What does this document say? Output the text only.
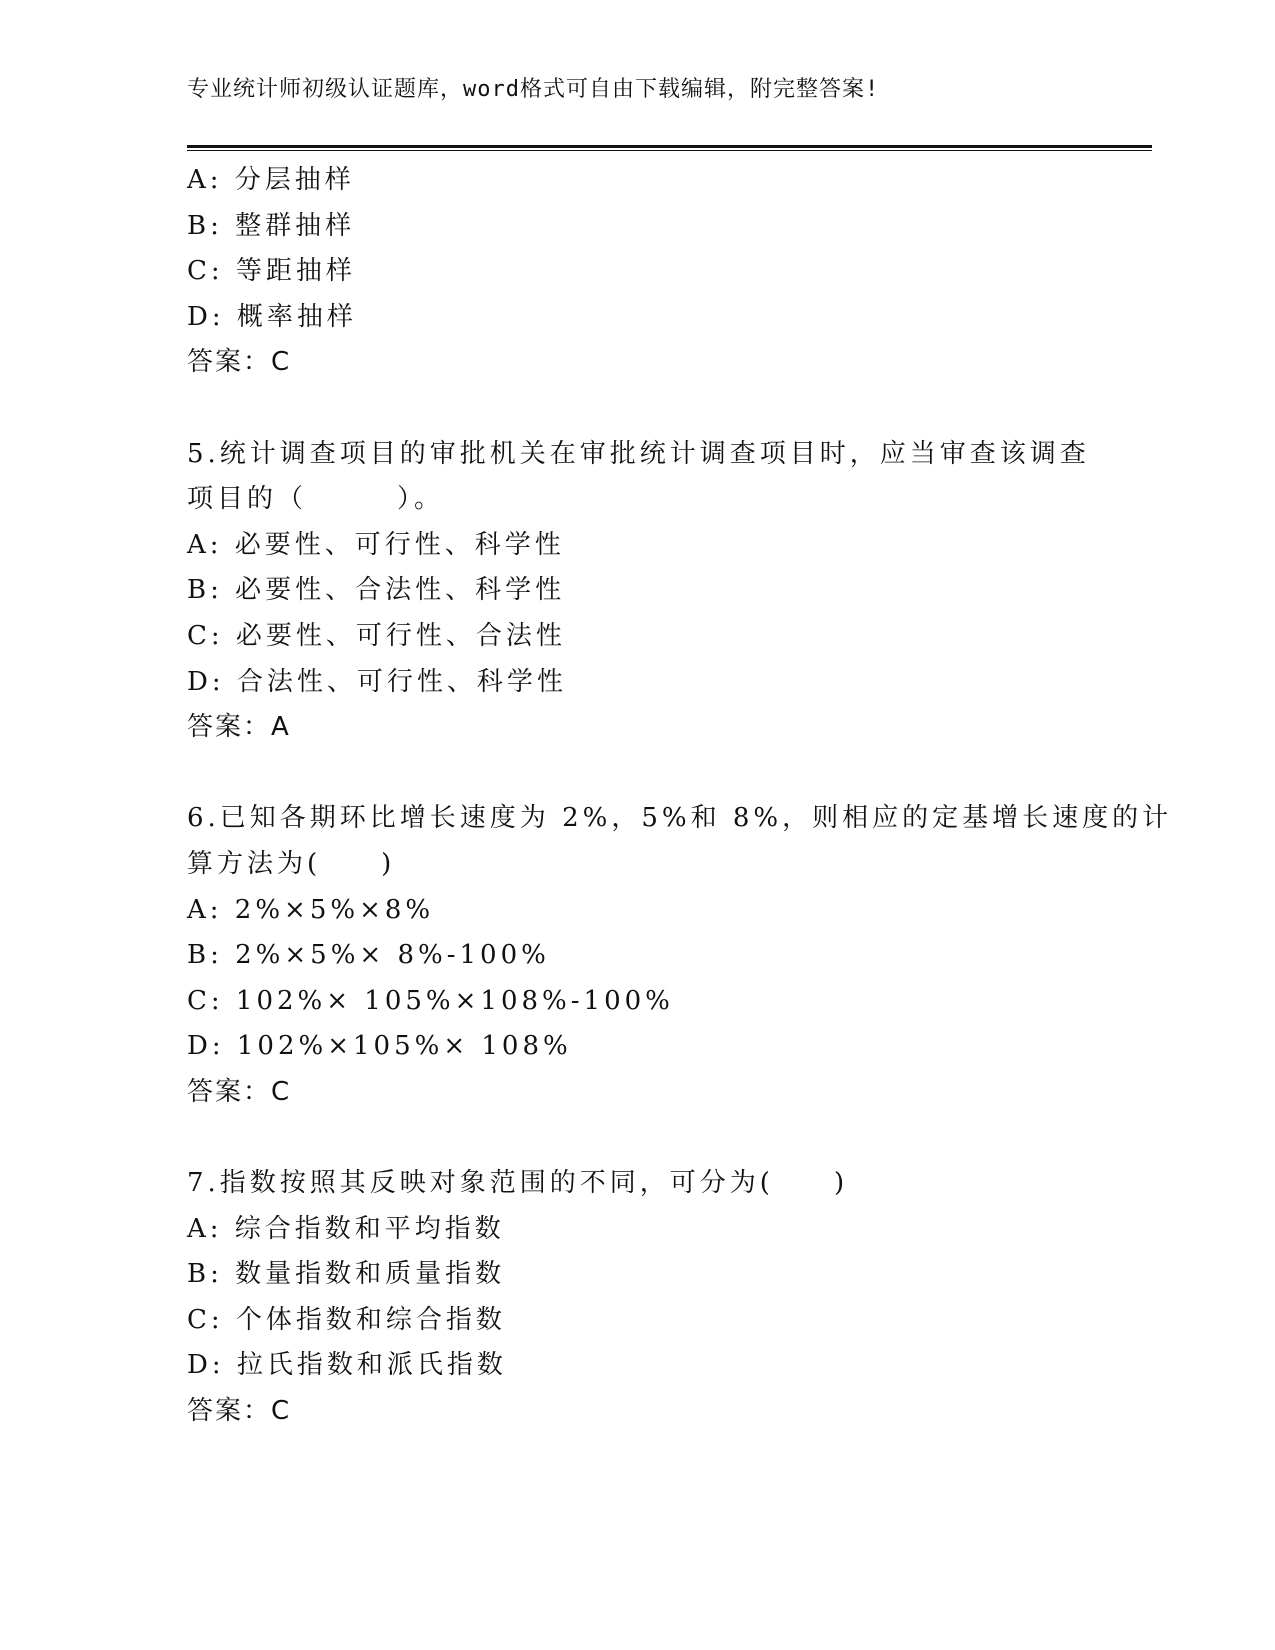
专业统计师初级认证题库，word格式可自由下载编辑，附完整答案!
A: 分层抽样
B: 整群抽样
C: 等距抽样
D: 概率抽样
答案：C
5.统计调查项目的审批机关在审批统计调查项目时，应当审查该调查
项目的（　　　）。
A: 必要性、可行性、科学性
B: 必要性、合法性、科学性
C: 必要性、可行性、合法性
D: 合法性、可行性、科学性
答案：A
6.已知各期环比增长速度为 2%，5%和 8%，则相应的定基增长速度的计
算方法为(　　)
A: 2%×5%×8%
B: 2%×5%× 8%-100%
C: 102%× 105%×108%-100%
D: 102%×105%× 108%
答案：C
7.指数按照其反映对象范围的不同，可分为(　　)
A: 综合指数和平均指数
B: 数量指数和质量指数
C: 个体指数和综合指数
D: 拉氏指数和派氏指数
答案：C
